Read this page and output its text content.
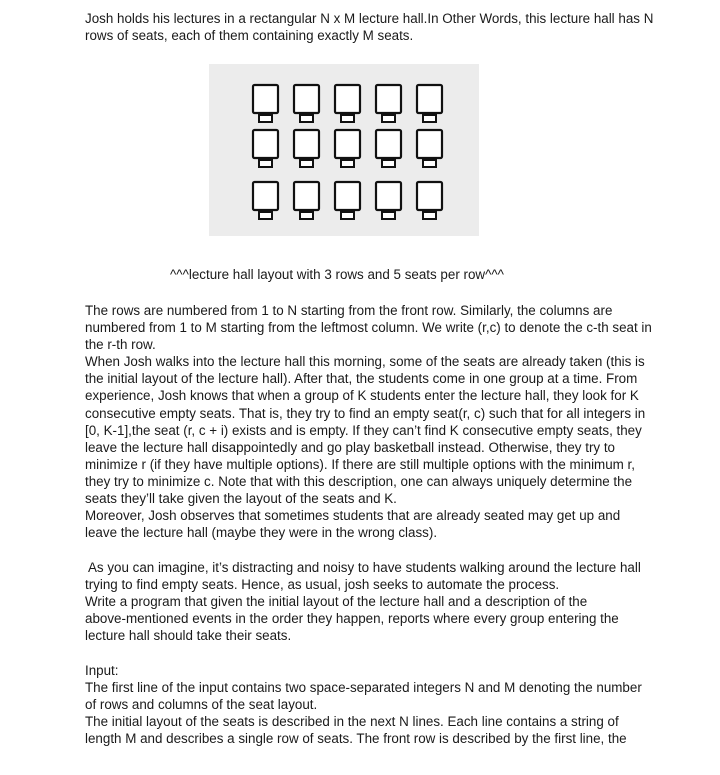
Josh holds his lectures in a rectangular N x M lecture hall.In Other Words, this lecture hall has N
rows of seats, each of them containing exactly M seats.

^^^lecture hall layout with 3 rows and 5 seats per row^^^

The rows are numbered from 1 to N starting from the front row. Similarly, the columns are
numbered from 1 to M starting from the leftmost column. We write (r,c) to denote the c-th seat in
the r-th row.
When Josh walks into the lecture hall this morning, some of the seats are already taken (this is
the initial layout of the lecture hall). After that, the students come in one group at a time. From
experience, Josh knows that when a group of K students enter the lecture hall, they look for K
consecutive empty seats. That is, they try to find an empty seat(r, c) such that for all integers in
[0, K-1],the seat (r, c + i) exists and is empty. If they can’t find K consecutive empty seats, they
leave the lecture hall disappointedly and go play basketball instead. Otherwise, they try to
minimize r (if they have multiple options). If there are still multiple options with the minimum r,
they try to minimize c. Note that with this description, one can always uniquely determine the
seats they’ll take given the layout of the seats and K.
Moreover, Josh observes that sometimes students that are already seated may get up and
leave the lecture hall (maybe they were in the wrong class).

As you can imagine, it’s distracting and noisy to have students walking around the lecture hall
trying to find empty seats. Hence, as usual, josh seeks to automate the process.
Write a program that given the initial layout of the lecture hall and a description of the
above-mentioned events in the order they happen, reports where every group entering the
lecture hall should take their seats.

Input:
The first line of the input contains two space-separated integers N and M denoting the number
of rows and columns of the seat layout.
The initial layout of the seats is described in the next N lines. Each line contains a string of
length M and describes a single row of seats. The front row is described by the first line, the
